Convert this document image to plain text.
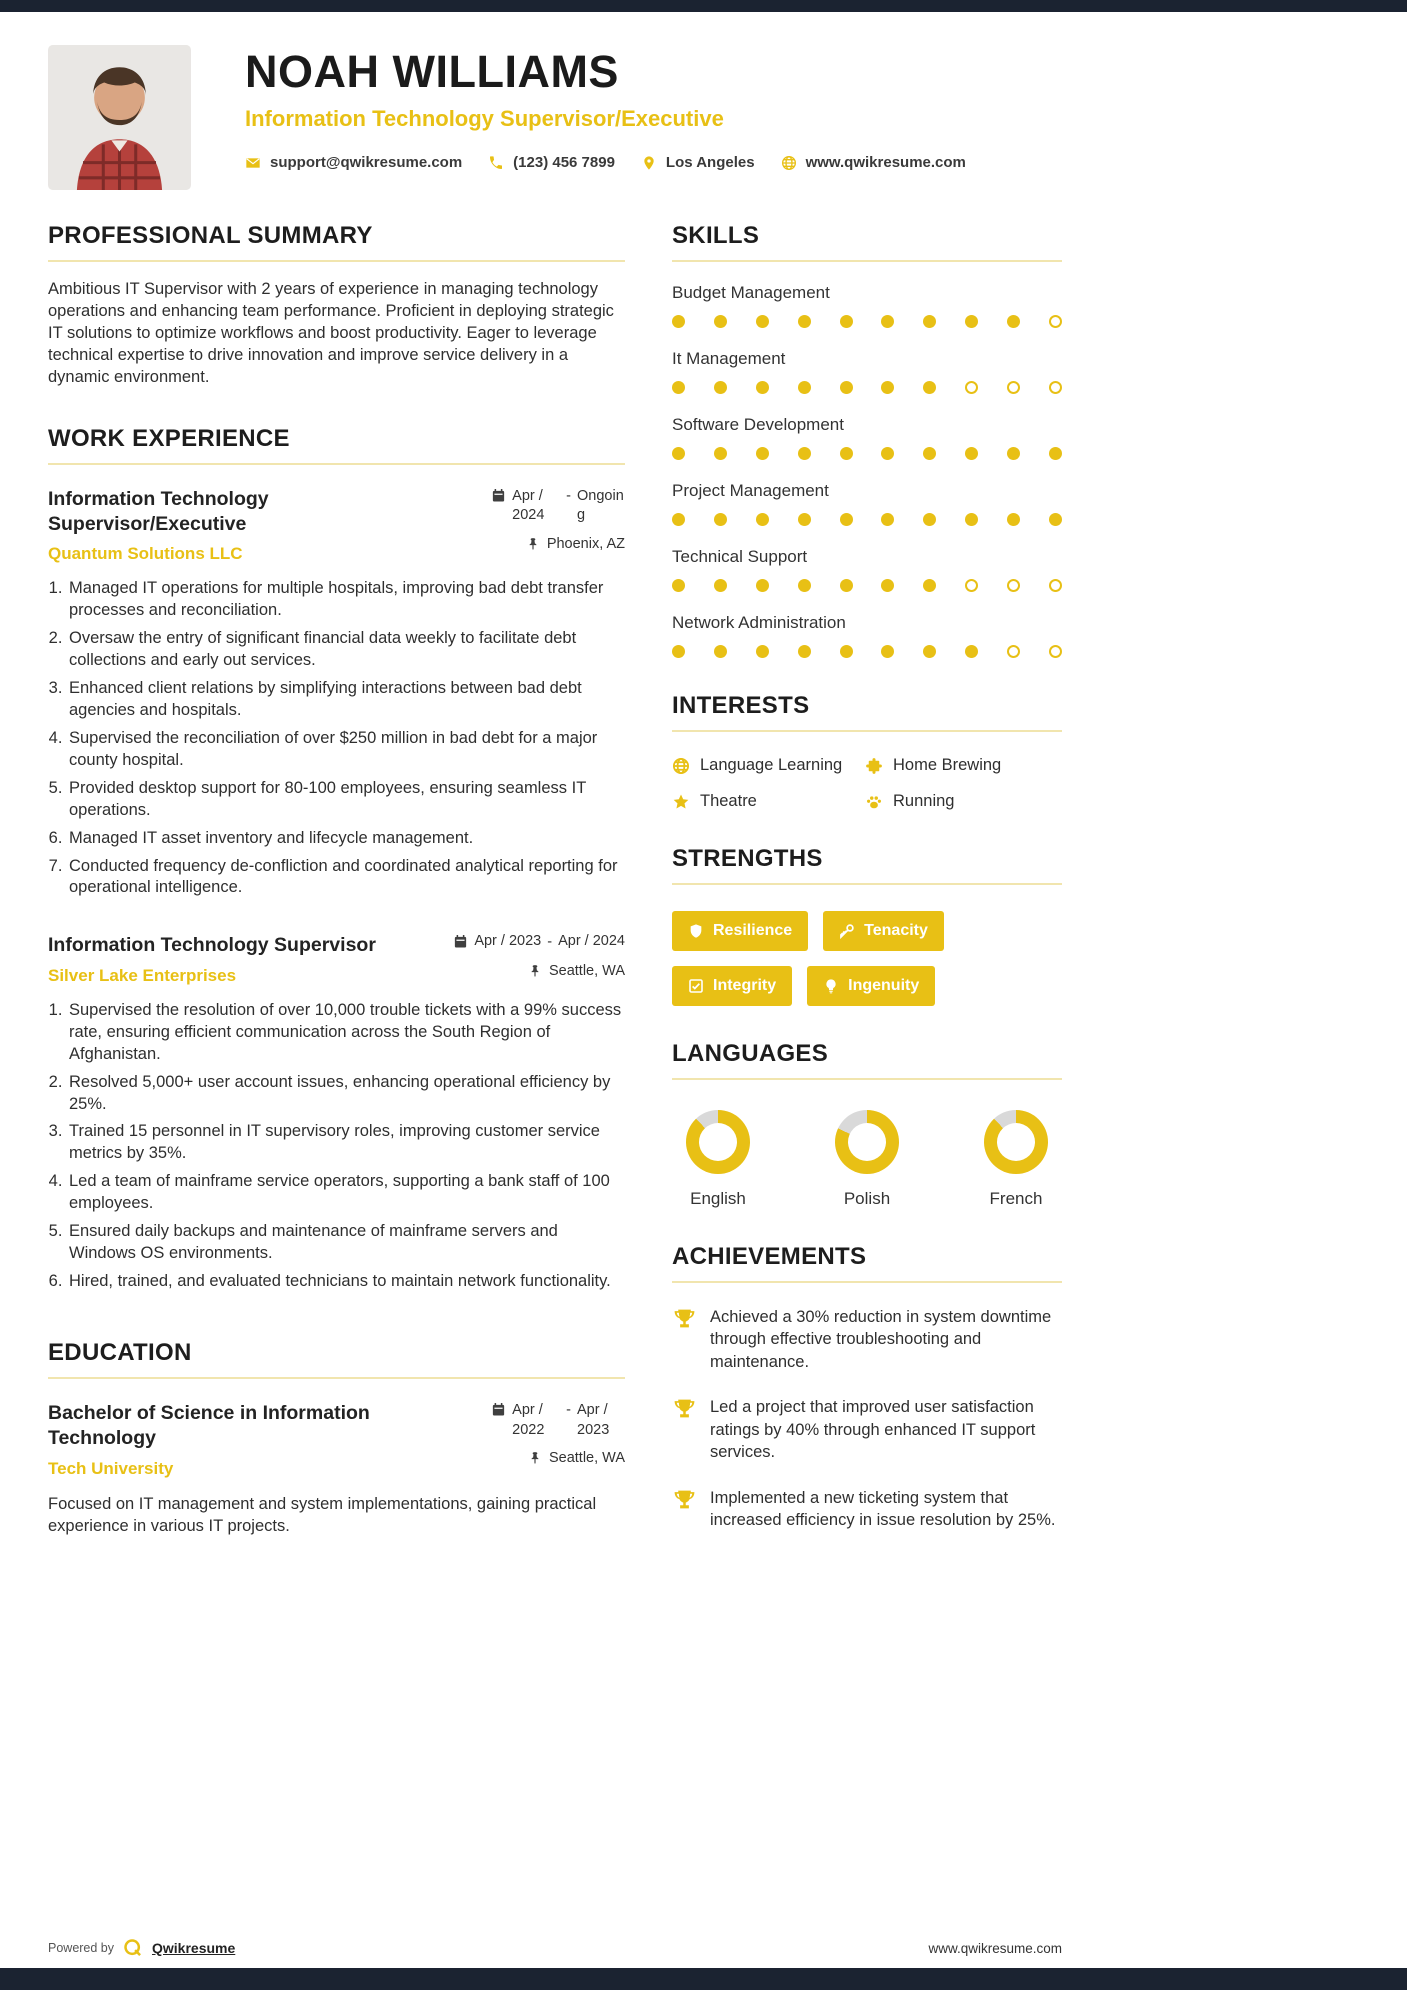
NOAH WILLIAMS
Information Technology Supervisor/Executive
support@qwikresume.com	(123) 456 7899	Los Angeles	www.qwikresume.com
PROFESSIONAL SUMMARY

Ambitious IT Supervisor with 2 years of experience in managing technology operations and enhancing team performance. Proficient in deploying strategic IT solutions to optimize workflows and boost productivity. Eager to leverage technical expertise to drive innovation and improve service delivery in a dynamic environment.

WORK EXPERIENCE
Information Technology Supervisor/Executive
Quantum Solutions LLC
Apr / 2024
- Ongoing
Phoenix, AZ
1. Managed IT operations for multiple hospitals, improving bad debt transfer processes and reconciliation.
2. Oversaw the entry of significant financial data weekly to facilitate debt collections and early out services.
3. Enhanced client relations by simplifying interactions between bad debt agencies and hospitals.
4. Supervised the reconciliation of over $250 million in bad debt for a major county hospital.
5. Provided desktop support for 80-100 employees, ensuring seamless IT operations.
6. Managed IT asset inventory and lifecycle management.
7. Conducted frequency de-confliction and coordinated analytical reporting for operational intelligence.
Information Technology Supervisor
Silver Lake Enterprises
Apr / 2023 - Apr / 2024
Seattle, WA
1. Supervised the resolution of over 10,000 trouble tickets with a 99% success rate, ensuring efficient communication across the South Region of Afghanistan.
2. Resolved 5,000+ user account issues, enhancing operational efficiency by 25%.
3. Trained 15 personnel in IT supervisory roles, improving customer service metrics by 35%.
4. Led a team of mainframe service operators, supporting a bank staff of 100 employees.
5. Ensured daily backups and maintenance of mainframe servers and Windows OS environments.
6. Hired, trained, and evaluated technicians to maintain network functionality.
EDUCATION
Bachelor of Science in Information Technology
Tech University
Apr / 2022
- Apr / 2023
Seattle, WA

Focused on IT management and system implementations, gaining practical experience in various IT projects.

SKILLS
Budget Management
It Management
Software Development
Project Management
Technical Support
Network Administration
INTERESTS
Language Learning	Home Brewing
Theatre	Running
STRENGTHS
Resilience	Tenacity
Integrity	Ingenuity
LANGUAGES
English	Polish	French
ACHIEVEMENTS

Achieved a 30% reduction in system downtime through effective troubleshooting and maintenance.

Led a project that improved user satisfaction ratings by 40% through enhanced IT support services.

Implemented a new ticketing system that increased efficiency in issue resolution by 25%.

Powered by	Qwikresume	www.qwikresume.com
